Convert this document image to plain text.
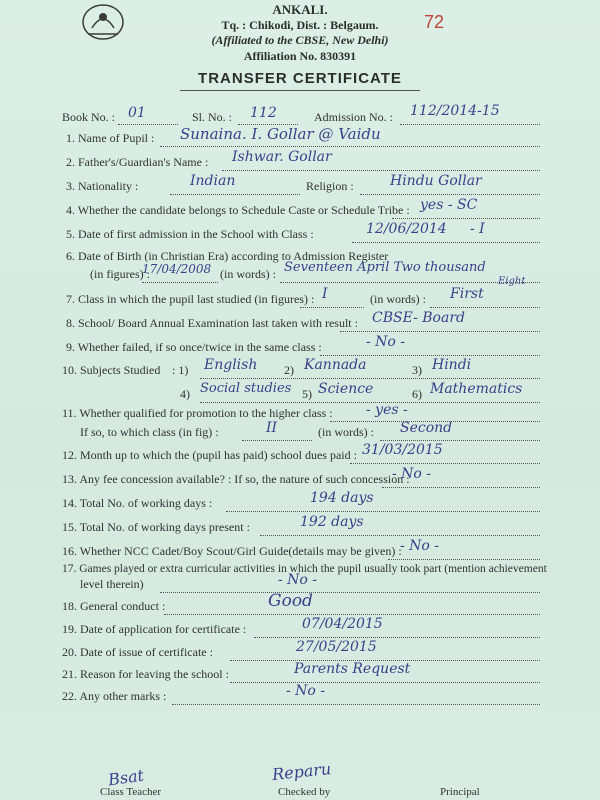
72
ANKALI.
Tq. : Chikodi, Dist. : Belgaum.
(Affiliated to the CBSE, New Delhi)
Affiliation No. 830391
TRANSFER CERTIFICATE
Book No. : 01	Sl. No. : 112	Admission No. : 112/2014-15
1. Name of Pupil : Sunaina. I. Gollar @ Vaidu
2. Father's/Guardian's Name : Ishwar. Gollar
3. Nationality :	Indian	Religion :	Hindu Gollar
4. Whether the candidate belongs to Schedule Caste or Schedule Tribe : yes - SC
5. Date of first admission in the School with Class :	12/06/2014 - I
6. Date of Birth (in Christian Era) according to Admission Register
(in figures) :
17/04/2008 (in words) : Seventeen April Two thousand
Eight
7. Class in which the pupil last studied (in figures) : I	(in words) : First
8. School/ Board Annual Examination last taken with result : CBSE- Board
9. Whether failed, if so once/twice in the same class :	- No -
10. Subjects Studied : 1) English 2) Kannada	3) Hindi
4) Social studies 5) Science	6) Mathematics
11. Whether qualified for promotion to the higher class : - yes -
If so, to which class (in fig) :	II	(in words) : Second
12. Month up to which the (pupil has paid) school dues paid : 31/03/2015
13. Any fee concession available? : If so, the nature of such concession :
- No -
14. Total No. of working days :	194 days
15. Total No. of working days present :	192 days
16. Whether NCC Cadet/Boy Scout/Girl Guide(details may be given) :
- No -
17. Games played or extra curricular activities in which the pupil usually took part (mention achievement
level therein)	- No -
18. General conduct :	Good
19. Date of application for certificate :	07/04/2015
20. Date of issue of certificate :	27/05/2015
21. Reason for leaving the school :	Parents Request
22. Any other marks :	- No -
Bsat
Class Teacher
Reparu
Checked by	Principal
